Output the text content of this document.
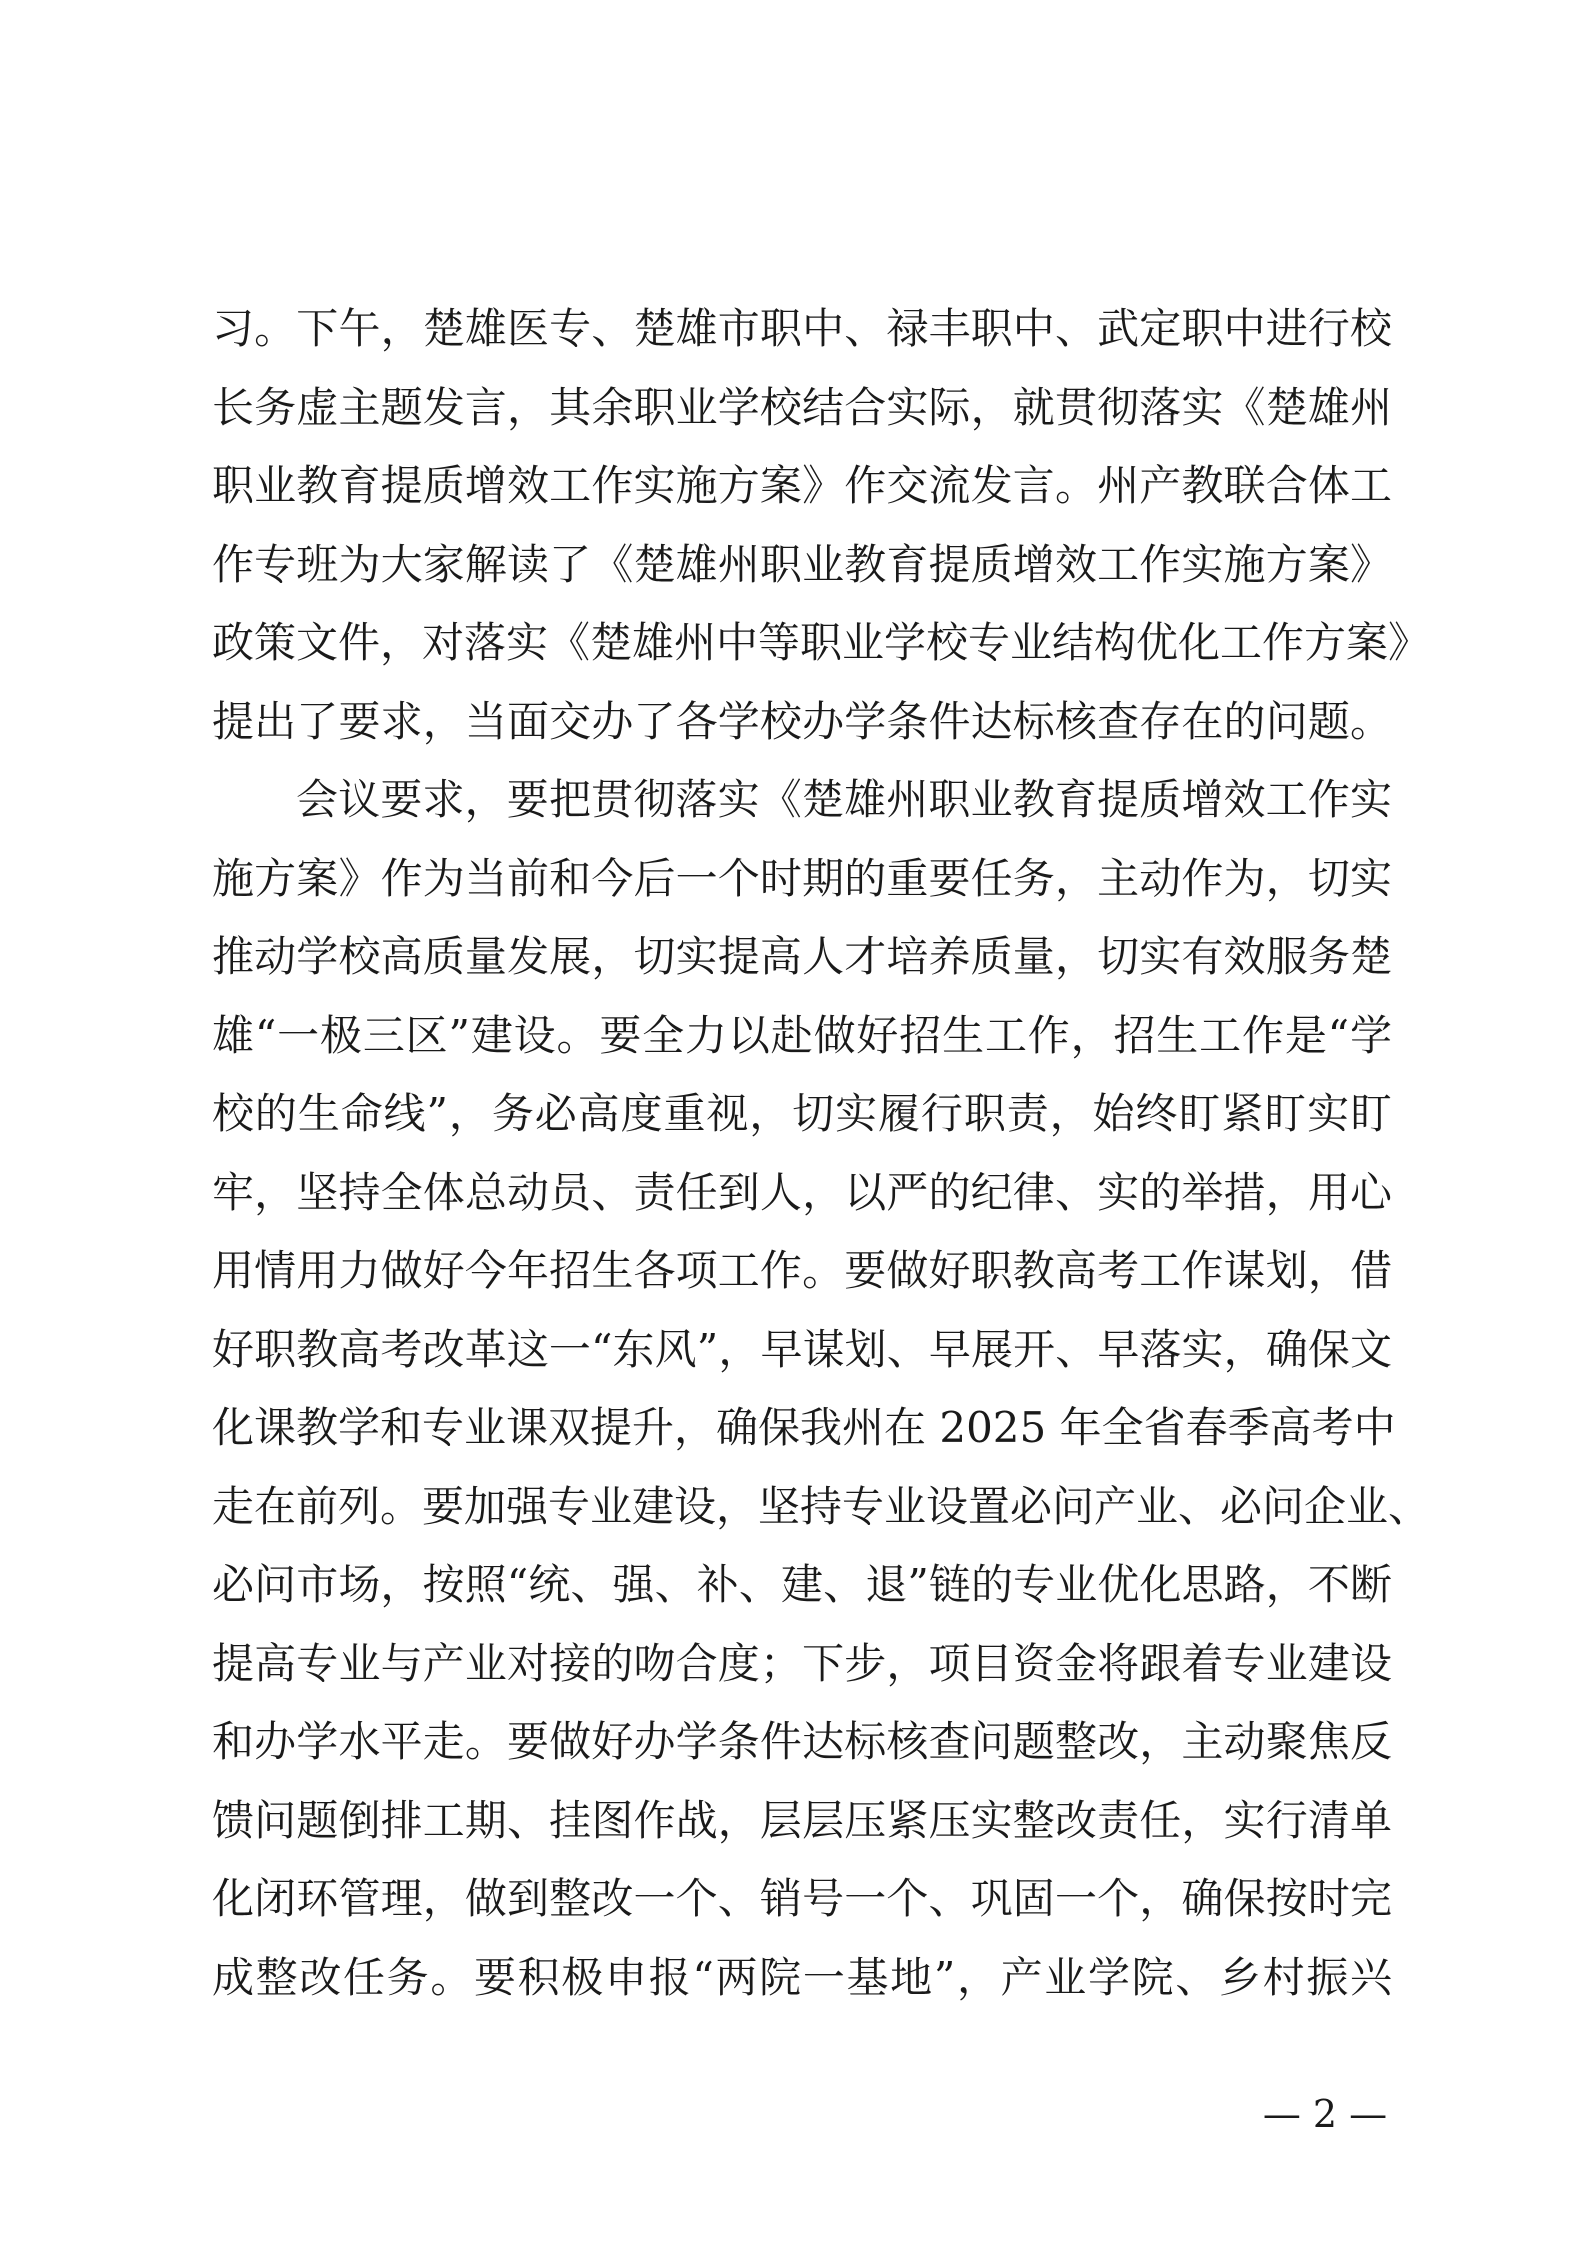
习。下午，楚雄医专、楚雄市职中、禄丰职中、武定职中进行校
长务虚主题发言，其余职业学校结合实际，就贯彻落实《楚雄州
职业教育提质增效工作实施方案》作交流发言。州产教联合体工
作专班为大家解读了《楚雄州职业教育提质增效工作实施方案》
政策文件，对落实《楚雄州中等职业学校专业结构优化工作方案》
提出了要求，当面交办了各学校办学条件达标核查存在的问题。
会议要求，要把贯彻落实《楚雄州职业教育提质增效工作实
施方案》作为当前和今后一个时期的重要任务，主动作为，切实
推动学校高质量发展，切实提高人才培养质量，切实有效服务楚
雄“一极三区”建设。要全力以赴做好招生工作，招生工作是“学
校的生命线”，务必高度重视，切实履行职责，始终盯紧盯实盯
牢，坚持全体总动员、责任到人，以严的纪律、实的举措，用心
用情用力做好今年招生各项工作。要做好职教高考工作谋划，借
好职教高考改革这一“东风”，早谋划、早展开、早落实，确保文
化课教学和专业课双提升，确保我州在 2025 年全省春季高考中
走在前列。要加强专业建设，坚持专业设置必问产业、必问企业、
必问市场，按照“统、强、补、建、退”链的专业优化思路，不断
提高专业与产业对接的吻合度；下步，项目资金将跟着专业建设
和办学水平走。要做好办学条件达标核查问题整改，主动聚焦反
馈问题倒排工期、挂图作战，层层压紧压实整改责任，实行清单
化闭环管理，做到整改一个、销号一个、巩固一个，确保按时完
成整改任务。要积极申报“两院一基地”，产业学院、乡村振兴
— 2 —
